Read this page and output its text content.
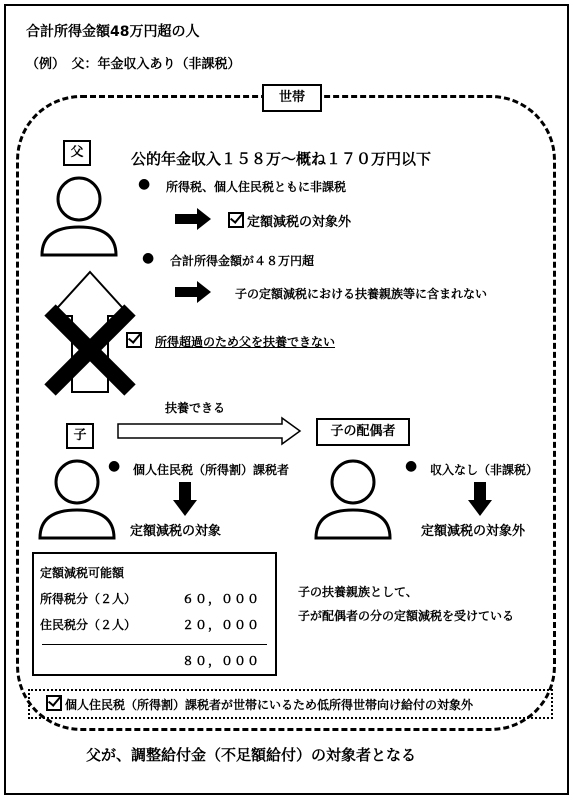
合計所得金額48万円超の人
（例）　父：年金収入あり（非課税）
世帯
父	公的年金収入１５８万～概ね１７０万円以下
● 所得税、個人住民税ともに非課税
定額減税の対象外
● 合計所得金額が４８万円超
子の定額減税における扶養親族等に含まれない
所得超過のため父を扶養できない
扶養できる
子	子の配偶者
● 個人住民税（所得割）課税者
定額減税の対象
● 収入なし（非課税）
定額減税の対象外
定額減税可能額
所得税分（２人）	６０，０００
住民税分（２人）	２０，０００
８０，０００
子の扶養親族として、
子が配偶者の分の定額減税を受けている
個人住民税（所得割）課税者が世帯にいるため低所得世帯向け給付の対象外
父が、調整給付金（不足額給付）の対象者となる
